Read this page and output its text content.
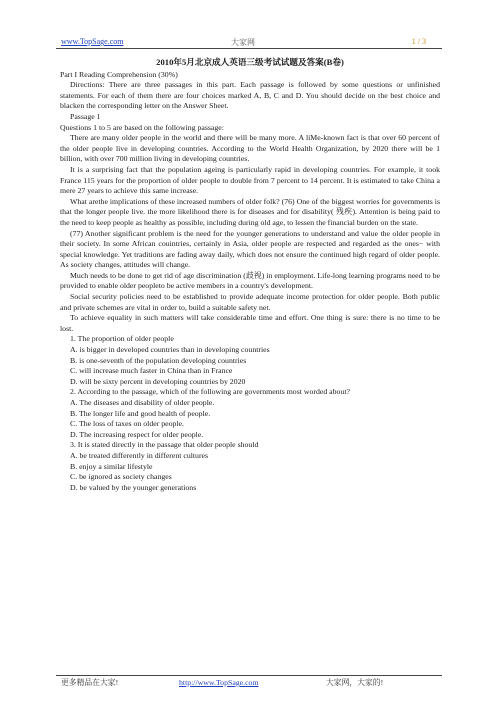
www.TopSage.com	大家网	1 / 3

2010年5月北京成人英语三级考试试题及答案(B卷)

Part I Reading Comprehension (30%)

Directions: There are three passages in this part. Each passage is followed by some questions or unfinished statements. For each of them there are four choices marked A, B, C and D. You should decide on the best choice and blacken the corresponding letter on the Answer Sheet.

Passage 1

Questions 1 to 5 are based on the following passage:

There are many older people in the world and there will be many more. A liMe-known fact is that over 60 percent of the older people live in developing countries. According to the World Health Organization, by 2020 there will be 1 billion, with over 700 million living in developing countries.

It is a surprising fact that the population ageing is particularly rapid in developing countries. For example, it took France 115 years for the proportion of older people to double from 7 percent to 14 percent. It is estimated to take China a mere 27 years to achieve this same increase.

What arethe implications of these increased numbers of older folk? (76) One of the biggest worries for governments is that the longer people live. the more likelihood there is for diseases and for disability( 残疾). Attention is being paid to the need to keep people as healthy as possible, including during old age, to lessen the financial burden on the state.

(77) Another significant problem is the need for the younger generations to understand and value the older people in their society. In some African couintries, certainly in Asia, older people are respected and regarded as the ones− with special knowledge. Yet traditions are fading away daily, which does not ensure the continued high regard of older people. As society changes, attitudes will change.

Much needs to be done to get rid of age discrimination (歧视) in employment. Life-long learning programs need to be provided to enable older peopleto be active members in a country's development.

Social security policies need to be established to provide adequate income protection for older people. Both public and private schemes are vital in order to, build a suitable safety net.

To achieve equality in such matters will take considerable time and effort. One thing is sure: there is no time to be lost.

1. The proportion of older people

A. is bigger in developed countries than in developing countries

B. is one-seventh of the population developing countries

C. will increase much faster in China than in France

D. will be sixty percent in developing countries by 2020

2. According to the passage, which of the following are governments most worded about?

A. The diseases and disability of older people.

B. The longer life and good health of people.

C. The loss of taxes on older people.

D. The increasing respect for older people.

3. It is stated directly in the passage that older people should

A. be treated differently in different cultures

B. enjoy a similar lifestyle

C. be ignored as society changes

D. be valued by the younger generations

更多精品在大家!	http://www.TopSage.com	大家网，大家的!
